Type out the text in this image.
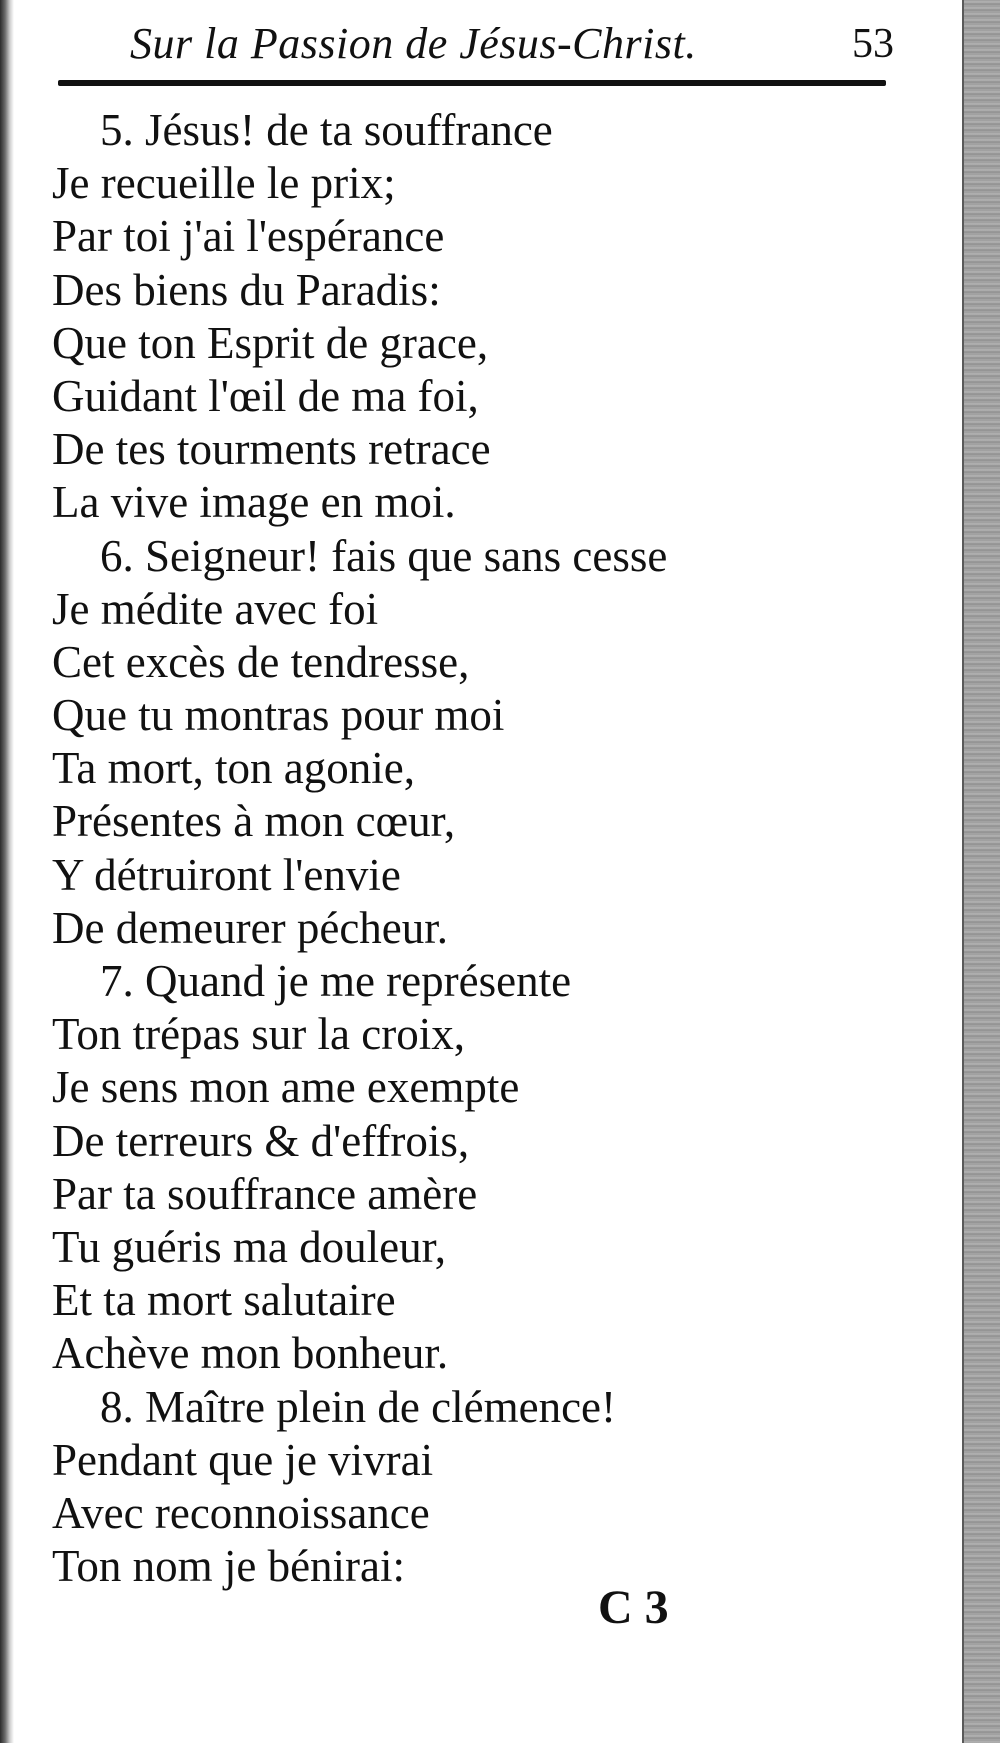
Sur la Passion de Jésus-Christ.	53
5. Jésus! de ta souffrance
Je recueille le prix;
Par toi j'ai l'espérance
Des biens du Paradis:
Que ton Esprit de grace,
Guidant l'œil de ma foi,
De tes tourments retrace
La vive image en moi.
6. Seigneur! fais que sans cesse
Je médite avec foi
Cet excès de tendresse,
Que tu montras pour moi
Ta mort, ton agonie,
Présentes à mon cœur,
Y détruiront l'envie
De demeurer pécheur.
7. Quand je me représente
Ton trépas sur la croix,
Je sens mon ame exempte
De terreurs & d'effrois,
Par ta souffrance amère
Tu guéris ma douleur,
Et ta mort salutaire
Achève mon bonheur.
8. Maître plein de clémence!
Pendant que je vivrai
Avec reconnoissance
Ton nom je bénirai:
C 3
